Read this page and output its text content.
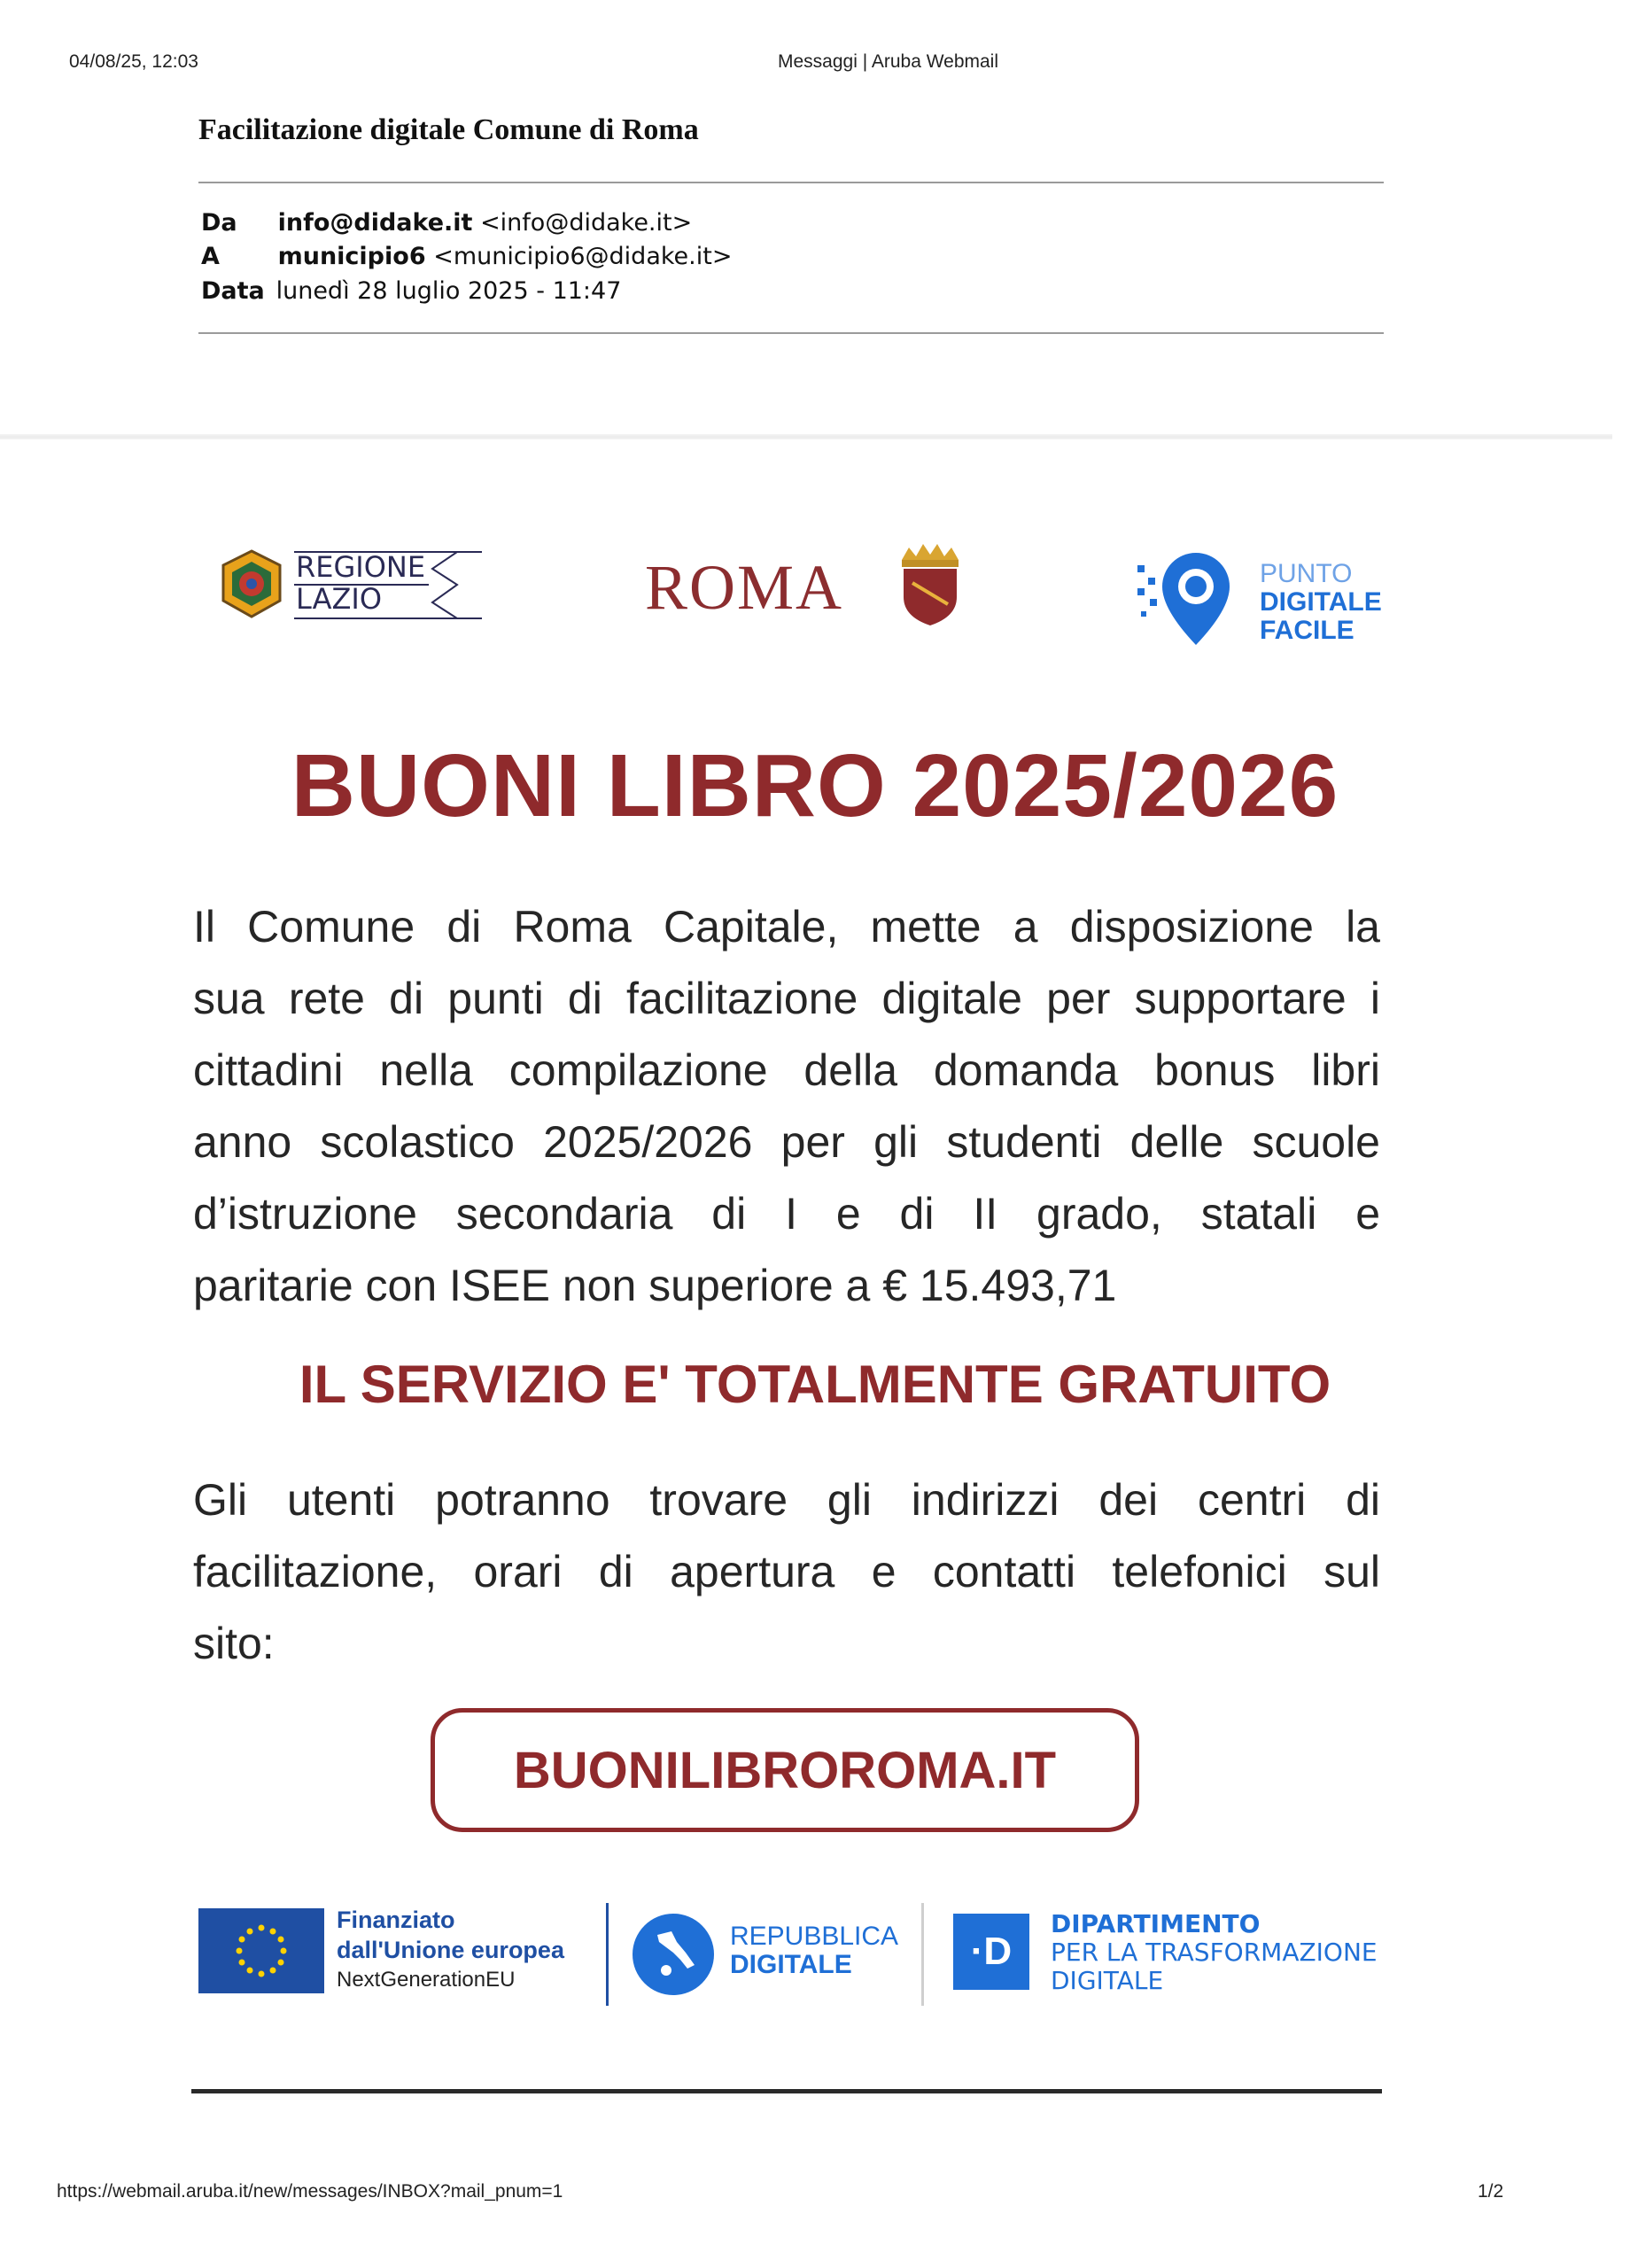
04/08/25, 12:03	Messaggi | Aruba Webmail
Facilitazione digitale Comune di Roma
Da info@didake.it <info@didake.it>
A municipio6 <municipio6@didake.it>
Data lunedì 28 luglio 2025 - 11:47
REGIONE
LAZIO	ROMA	PUNTO
DIGITALE
FACILE
BUONI LIBRO 2025/2026
Il Comune di Roma Capitale, mette a disposizione la
sua rete di punti di facilitazione digitale per supportare i
cittadini nella compilazione della domanda bonus libri
anno scolastico 2025/2026 per gli studenti delle scuole
d’istruzione secondaria di I e di II grado, statali e
paritarie con ISEE non superiore a € 15.493,71
IL SERVIZIO E' TOTALMENTE GRATUITO
Gli utenti potranno trovare gli indirizzi dei centri di
facilitazione, orari di apertura e contatti telefonici sul
sito:
BUONILIBROROMA.IT
Finanziato
dall'Unione europea
NextGenerationEU
REPUBBLICA
DIGITALE	·D
DIPARTIMENTO
PER LA TRASFORMAZIONE
DIGITALE
https://webmail.aruba.it/new/messages/INBOX?mail_pnum=1	1/2
